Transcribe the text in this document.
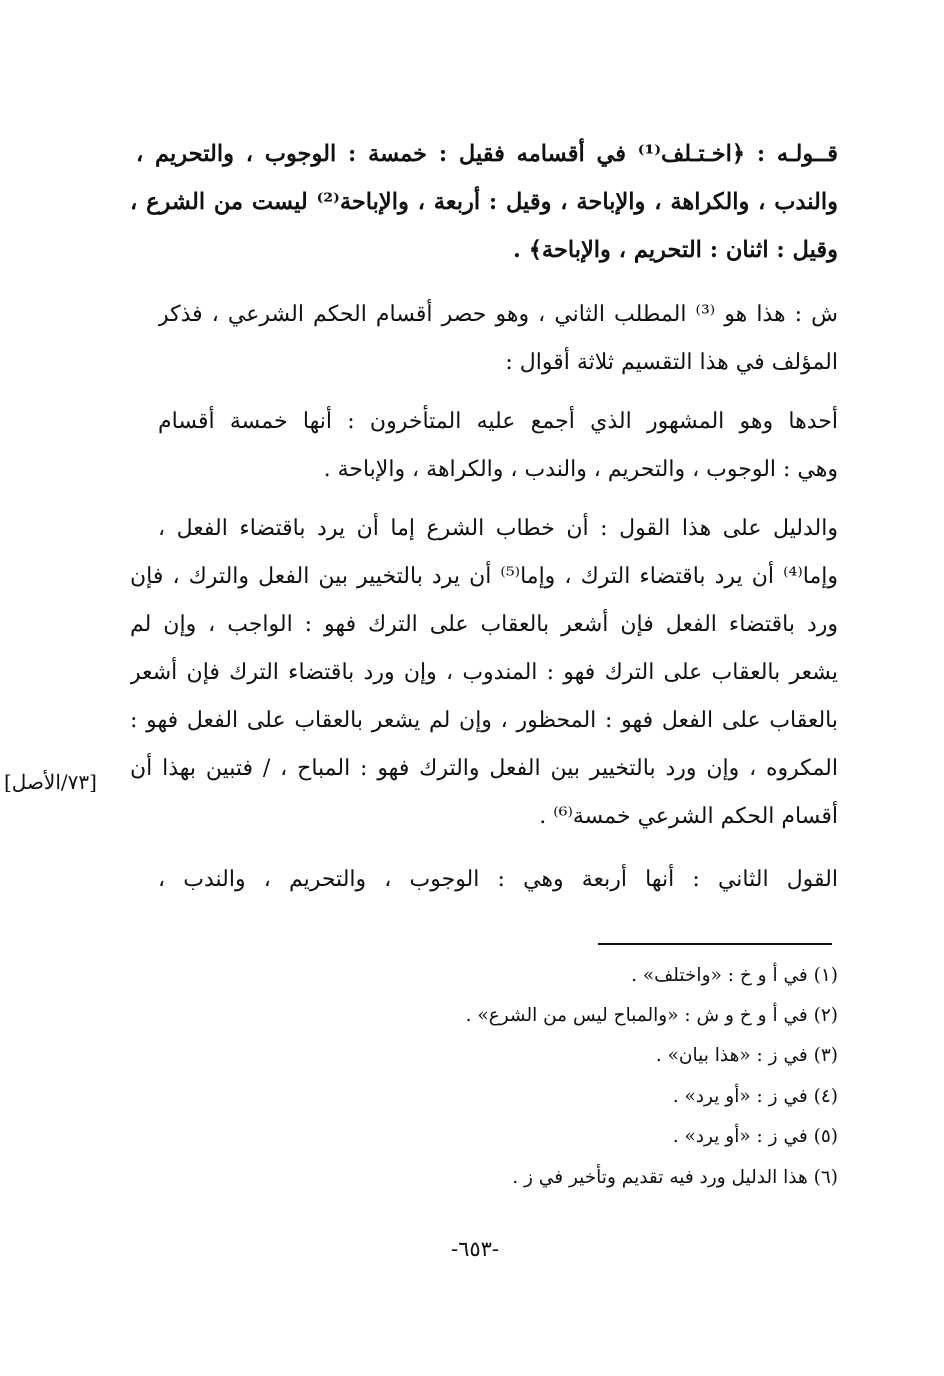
قــولـه : ﴿اخـتـلف⁽¹⁾ في أقسامه فقيل : خمسة : الوجوب ، والتحريم ،
والندب ، والكراهة ، والإباحة ، وقيل : أربعة ، والإباحة⁽²⁾ ليست من الشرع ،
وقيل : اثنان : التحريم ، والإباحة﴾ .
ش : هذا هو ⁽³⁾ المطلب الثاني ، وهو حصر أقسام الحكم الشرعي ، فذكر
المؤلف في هذا التقسيم ثلاثة أقوال :
أحدها وهو المشهور الذي أجمع عليه المتأخرون : أنها خمسة أقسام
وهي : الوجوب ، والتحريم ، والندب ، والكراهة ، والإباحة .
والدليل على هذا القول : أن خطاب الشرع إما أن يرد باقتضاء الفعل ،
وإما⁽⁴⁾ أن يرد باقتضاء الترك ، وإما⁽⁵⁾ أن يرد بالتخيير بين الفعل والترك ، فإن
ورد باقتضاء الفعل فإن أشعر بالعقاب على الترك فهو : الواجب ، وإن لم
يشعر بالعقاب على الترك فهو : المندوب ، وإن ورد باقتضاء الترك فإن أشعر
بالعقاب على الفعل فهو : المحظور ، وإن لم يشعر بالعقاب على الفعل فهو :
المكروه ، وإن ورد بالتخيير بين الفعل والترك فهو : المباح ، / فتبين بهذا أن
أقسام الحكم الشرعي خمسة⁽⁶⁾ .
القول الثاني : أنها أربعة وهي : الوجوب ، والتحريم ، والندب ،
[٧٣/الأصل]
(١) في أ و خ : «واختلف» .
(٢) في أ و خ و ش : «والمباح ليس من الشرع» .
(٣) في ز : «هذا بيان» .
(٤) في ز : «أو يرد» .
(٥) في ز : «أو يرد» .
(٦) هذا الدليل ورد فيه تقديم وتأخير في ز .
-٦٥٣-
